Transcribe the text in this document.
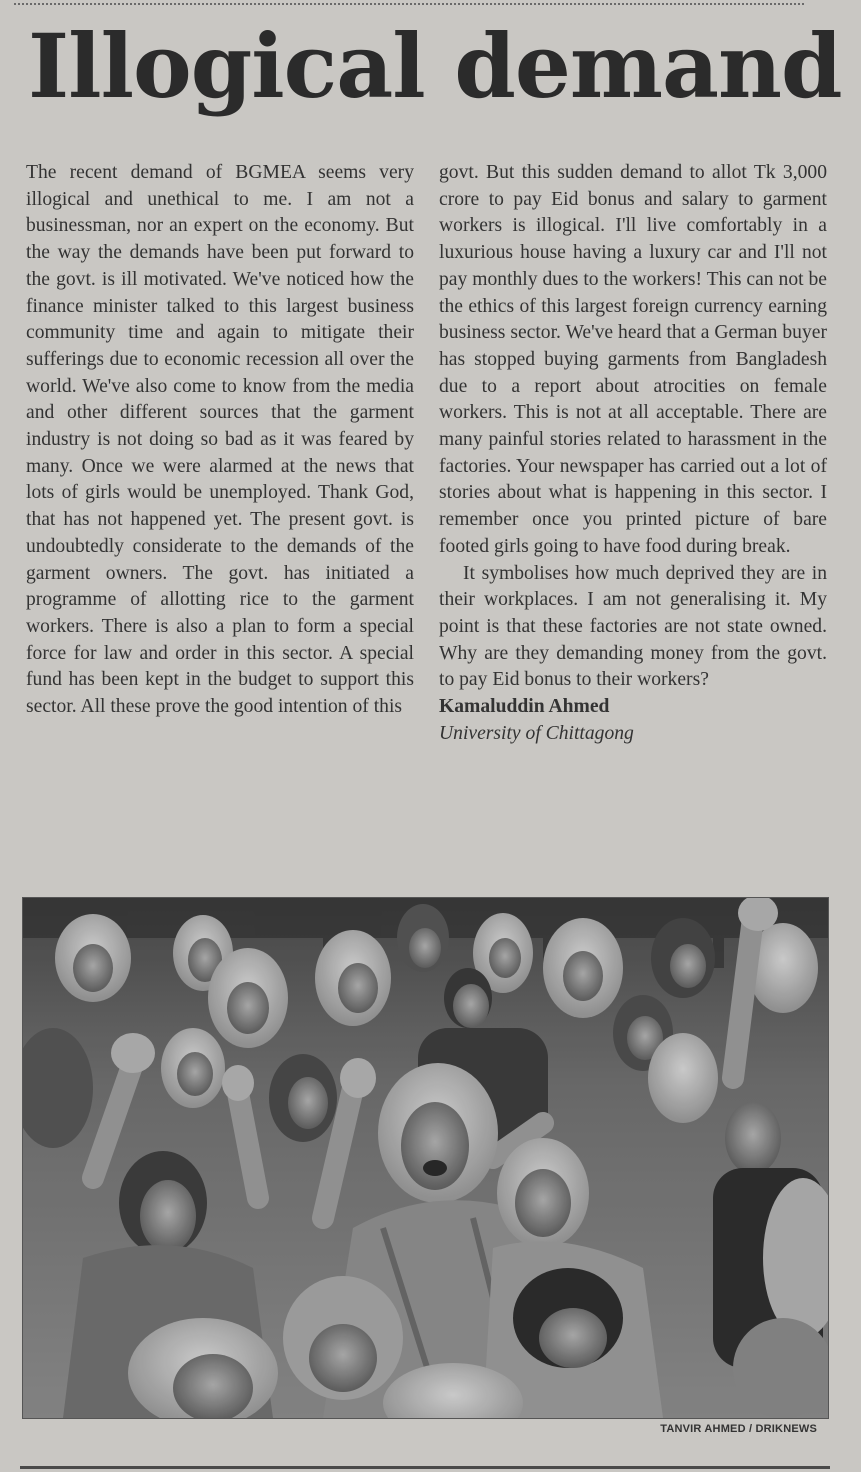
Illogical demand

The recent demand of BGMEA seems very illogical and unethical to me. I am not a businessman, nor an expert on the economy. But the way the demands have been put forward to the govt. is ill motivated. We've noticed how the finance minister talked to this largest business community time and again to mitigate their sufferings due to economic recession all over the world. We've also come to know from the media and other different sources that the garment industry is not doing so bad as it was feared by many. Once we were alarmed at the news that lots of girls would be unemployed. Thank God, that has not happened yet. The present govt. is undoubtedly considerate to the demands of the garment owners. The govt. has initiated a programme of allotting rice to the garment workers. There is also a plan to form a special force for law and order in this sector. A special fund has been kept in the budget to support this sector. All these prove the good intention of this

govt. But this sudden demand to allot Tk 3,000 crore to pay Eid bonus and salary to garment workers is illogical. I'll live comfortably in a luxurious house having a luxury car and I'll not pay monthly dues to the workers! This can not be the ethics of this largest foreign currency earning business sector. We've heard that a German buyer has stopped buying garments from Bangladesh due to a report about atrocities on female workers. This is not at all acceptable. There are many painful stories related to harassment in the factories. Your newspaper has carried out a lot of stories about what is happening in this sector. I remember once you printed picture of bare footed girls going to have food during break.

It symbolises how much deprived they are in their workplaces. I am not generalising it. My point is that these factories are not state owned. Why are they demanding money from the govt. to pay Eid bonus to their workers?

Kamaluddin Ahmed

University of Chittagong

TANVIR AHMED / DRIKNEWS
